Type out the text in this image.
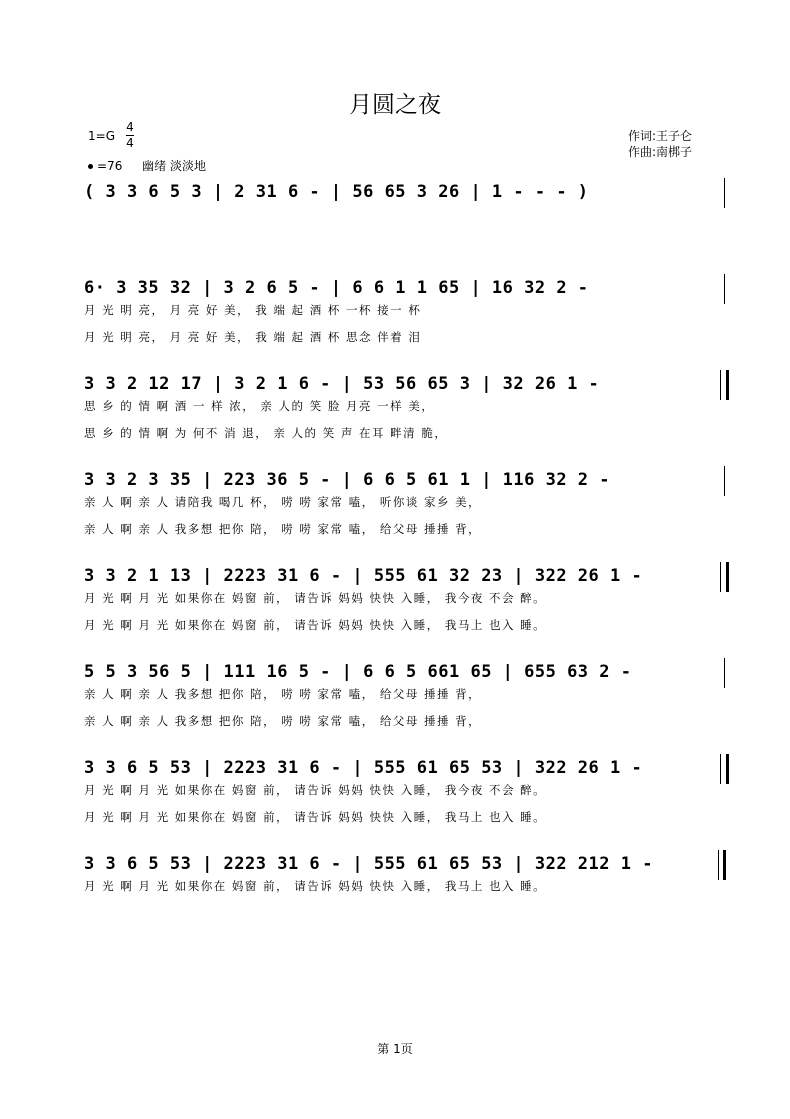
月圆之夜
1=G
4
4
=76 幽绪 淡淡地
作词:王子仑
作曲:南梆子
( 3 3 6 5 3 | 2 31 6 - | 56 65 3 26 | 1 - - - )
6· 3 35 32 | 3 2 6 5 - | 6 6 1 1 65 | 16 32 2 -
月 光 明 亮， 月 亮 好 美， 我 端 起 酒 杯 一杯 接一 杯
月 光 明 亮， 月 亮 好 美， 我 端 起 酒 杯 思念 伴着 泪
3 3 2 12 17 | 3 2 1 6 - | 53 56 65 3 | 32 26 1 -
思 乡 的 情 啊 酒 一 样 浓， 亲 人的 笑 脸 月亮 一样 美，
思 乡 的 情 啊 为 何不 消 退， 亲 人的 笑 声 在耳 畔清 脆，
3 3 2 3 35 | 223 36 5 - | 6 6 5 61 1 | 116 32 2 -
亲 人 啊 亲 人 请陪我 喝几 杯， 唠 唠 家常 嗑， 听你谈 家乡 美，
亲 人 啊 亲 人 我多想 把你 陪， 唠 唠 家常 嗑， 给父母 捶捶 背，
3 3 2 1 13 | 2223 31 6 - | 555 61 32 23 | 322 26 1 -
月 光 啊 月 光 如果你在 妈窗 前， 请告诉 妈妈 快快 入睡， 我今夜 不会 醉。
月 光 啊 月 光 如果你在 妈窗 前， 请告诉 妈妈 快快 入睡， 我马上 也入 睡。
5 5 3 56 5 | 111 16 5 - | 6 6 5 661 65 | 655 63 2 -
亲 人 啊 亲 人 我多想 把你 陪， 唠 唠 家常 嗑， 给父母 捶捶 背，
亲 人 啊 亲 人 我多想 把你 陪， 唠 唠 家常 嗑， 给父母 捶捶 背，
3 3 6 5 53 | 2223 31 6 - | 555 61 65 53 | 322 26 1 -
月 光 啊 月 光 如果你在 妈窗 前， 请告诉 妈妈 快快 入睡， 我今夜 不会 醉。
月 光 啊 月 光 如果你在 妈窗 前， 请告诉 妈妈 快快 入睡， 我马上 也入 睡。
3 3 6 5 53 | 2223 31 6 - | 555 61 65 53 | 322 212 1 -
月 光 啊 月 光 如果你在 妈窗 前， 请告诉 妈妈 快快 入睡， 我马上 也入 睡。
第 1页
